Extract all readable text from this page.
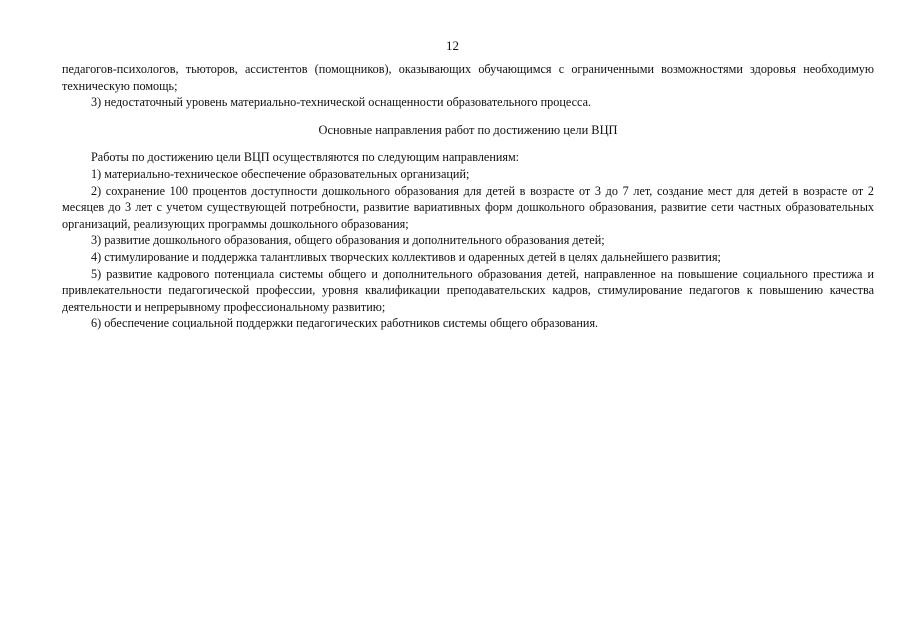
12

педагогов-психологов, тьюторов, ассистентов (помощников), оказывающих обучающимся с ограниченными возможностями здоровья необходимую техническую помощь;

3) недостаточный уровень материально-технической оснащенности образовательного процесса.

Основные направления работ по достижению цели ВЦП

Работы по достижению цели ВЦП осуществляются по следующим направлениям:

1) материально-техническое обеспечение образовательных организаций;

2) сохранение 100 процентов доступности дошкольного образования для детей в возрасте от 3 до 7 лет, создание мест для детей в возрасте от 2 месяцев до 3 лет с учетом существующей потребности, развитие вариативных форм дошкольного образования, развитие сети частных образовательных организаций, реализующих программы дошкольного образования;

3) развитие дошкольного образования, общего образования и дополнительного образования детей;

4) стимулирование и поддержка талантливых творческих коллективов и одаренных детей в целях дальнейшего развития;

5) развитие кадрового потенциала системы общего и дополнительного образования детей, направленное на повышение социального престижа и привлекательности педагогической профессии, уровня квалификации преподавательских кадров, стимулирование педагогов к повышению качества деятельности и непрерывному профессиональному развитию;

6) обеспечение социальной поддержки педагогических работников системы общего образования.
